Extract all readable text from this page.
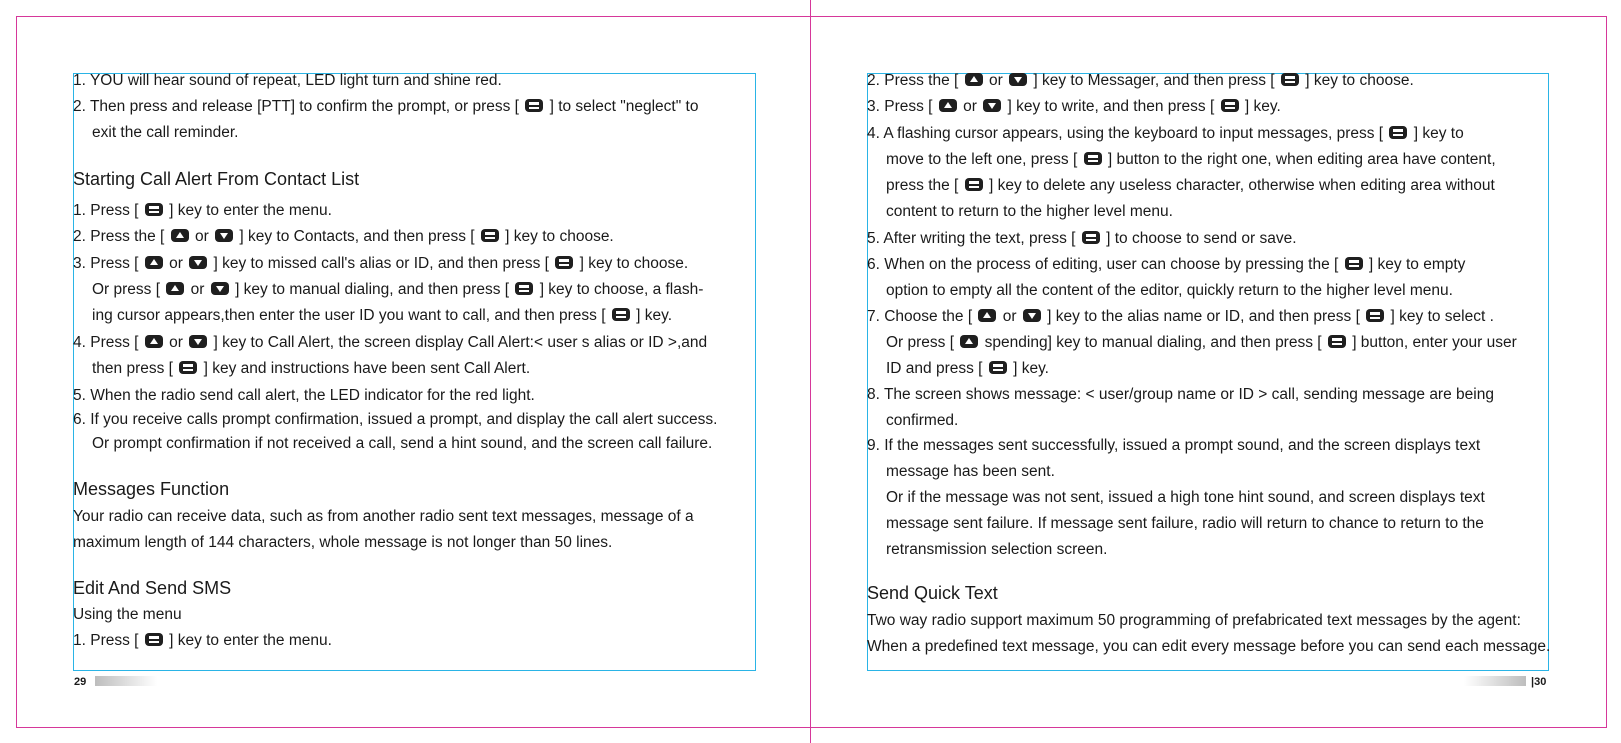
1. YOU will hear sound of repeat, LED light turn and shine red.
2. Then press and release [PTT] to confirm the prompt, or press [  ] to select "neglect" to
exit the call reminder.
Starting Call Alert From Contact List
1. Press [  ] key to enter the menu.
2. Press the [  or  ] key to Contacts, and then press [  ] key to choose.
3. Press [  or  ] key to missed call's alias or ID, and then press [  ] key to choose.
Or press [  or  ] key to manual dialing, and then press [  ] key to choose, a flash-
ing cursor appears,then enter the user ID you want to call, and then press [  ] key.
4. Press [  or  ] key to Call Alert, the screen display Call Alert:< user s alias or ID >,and
then press [  ] key and instructions have been sent Call Alert.
5. When the radio send call alert, the LED indicator for the red light.
6. If you receive calls prompt confirmation, issued a prompt, and display the call alert success.
Or prompt confirmation if not received a call, send a hint sound, and the screen call failure.
Messages Function
Your radio can receive data, such as from another radio sent text messages, message of a
maximum length of 144 characters, whole message is not longer than 50 lines.
Edit And Send SMS
Using the menu
1. Press [  ] key to enter the menu.
2. Press the [  or  ] key to Messager, and then press [  ] key to choose.
3. Press [  or  ] key to write, and then press [  ] key.
4. A flashing cursor appears, using the keyboard to input messages, press [  ] key to
move to the left one, press [  ] button to the right one, when editing area have content,
press the [  ] key to delete any useless character, otherwise when editing area without
content to return to the higher level menu.
5. After writing the text, press [  ] to choose to send or save.
6. When on the process of editing, user can choose by pressing the [  ] key to empty
option to empty all the content of the editor, quickly return to the higher level menu.
7. Choose the [  or  ] key to the alias name or ID, and then press [  ] key to select .
Or press [  spending] key to manual dialing, and then press [  ] button, enter your user
ID and press [  ] key.
8. The screen shows message: < user/group name or ID > call, sending message are being
confirmed.
9. If the messages sent successfully, issued a prompt sound, and the screen displays text
message has been sent.
Or if the message was not sent, issued a high tone hint sound, and screen displays text
message sent failure. If message sent failure, radio will return to chance to return to the
retransmission selection screen.
Send Quick Text
Two way radio support maximum 50 programming of prefabricated text messages by the agent:
When a predefined text message, you can edit every message before you can send each message.
29	|30
